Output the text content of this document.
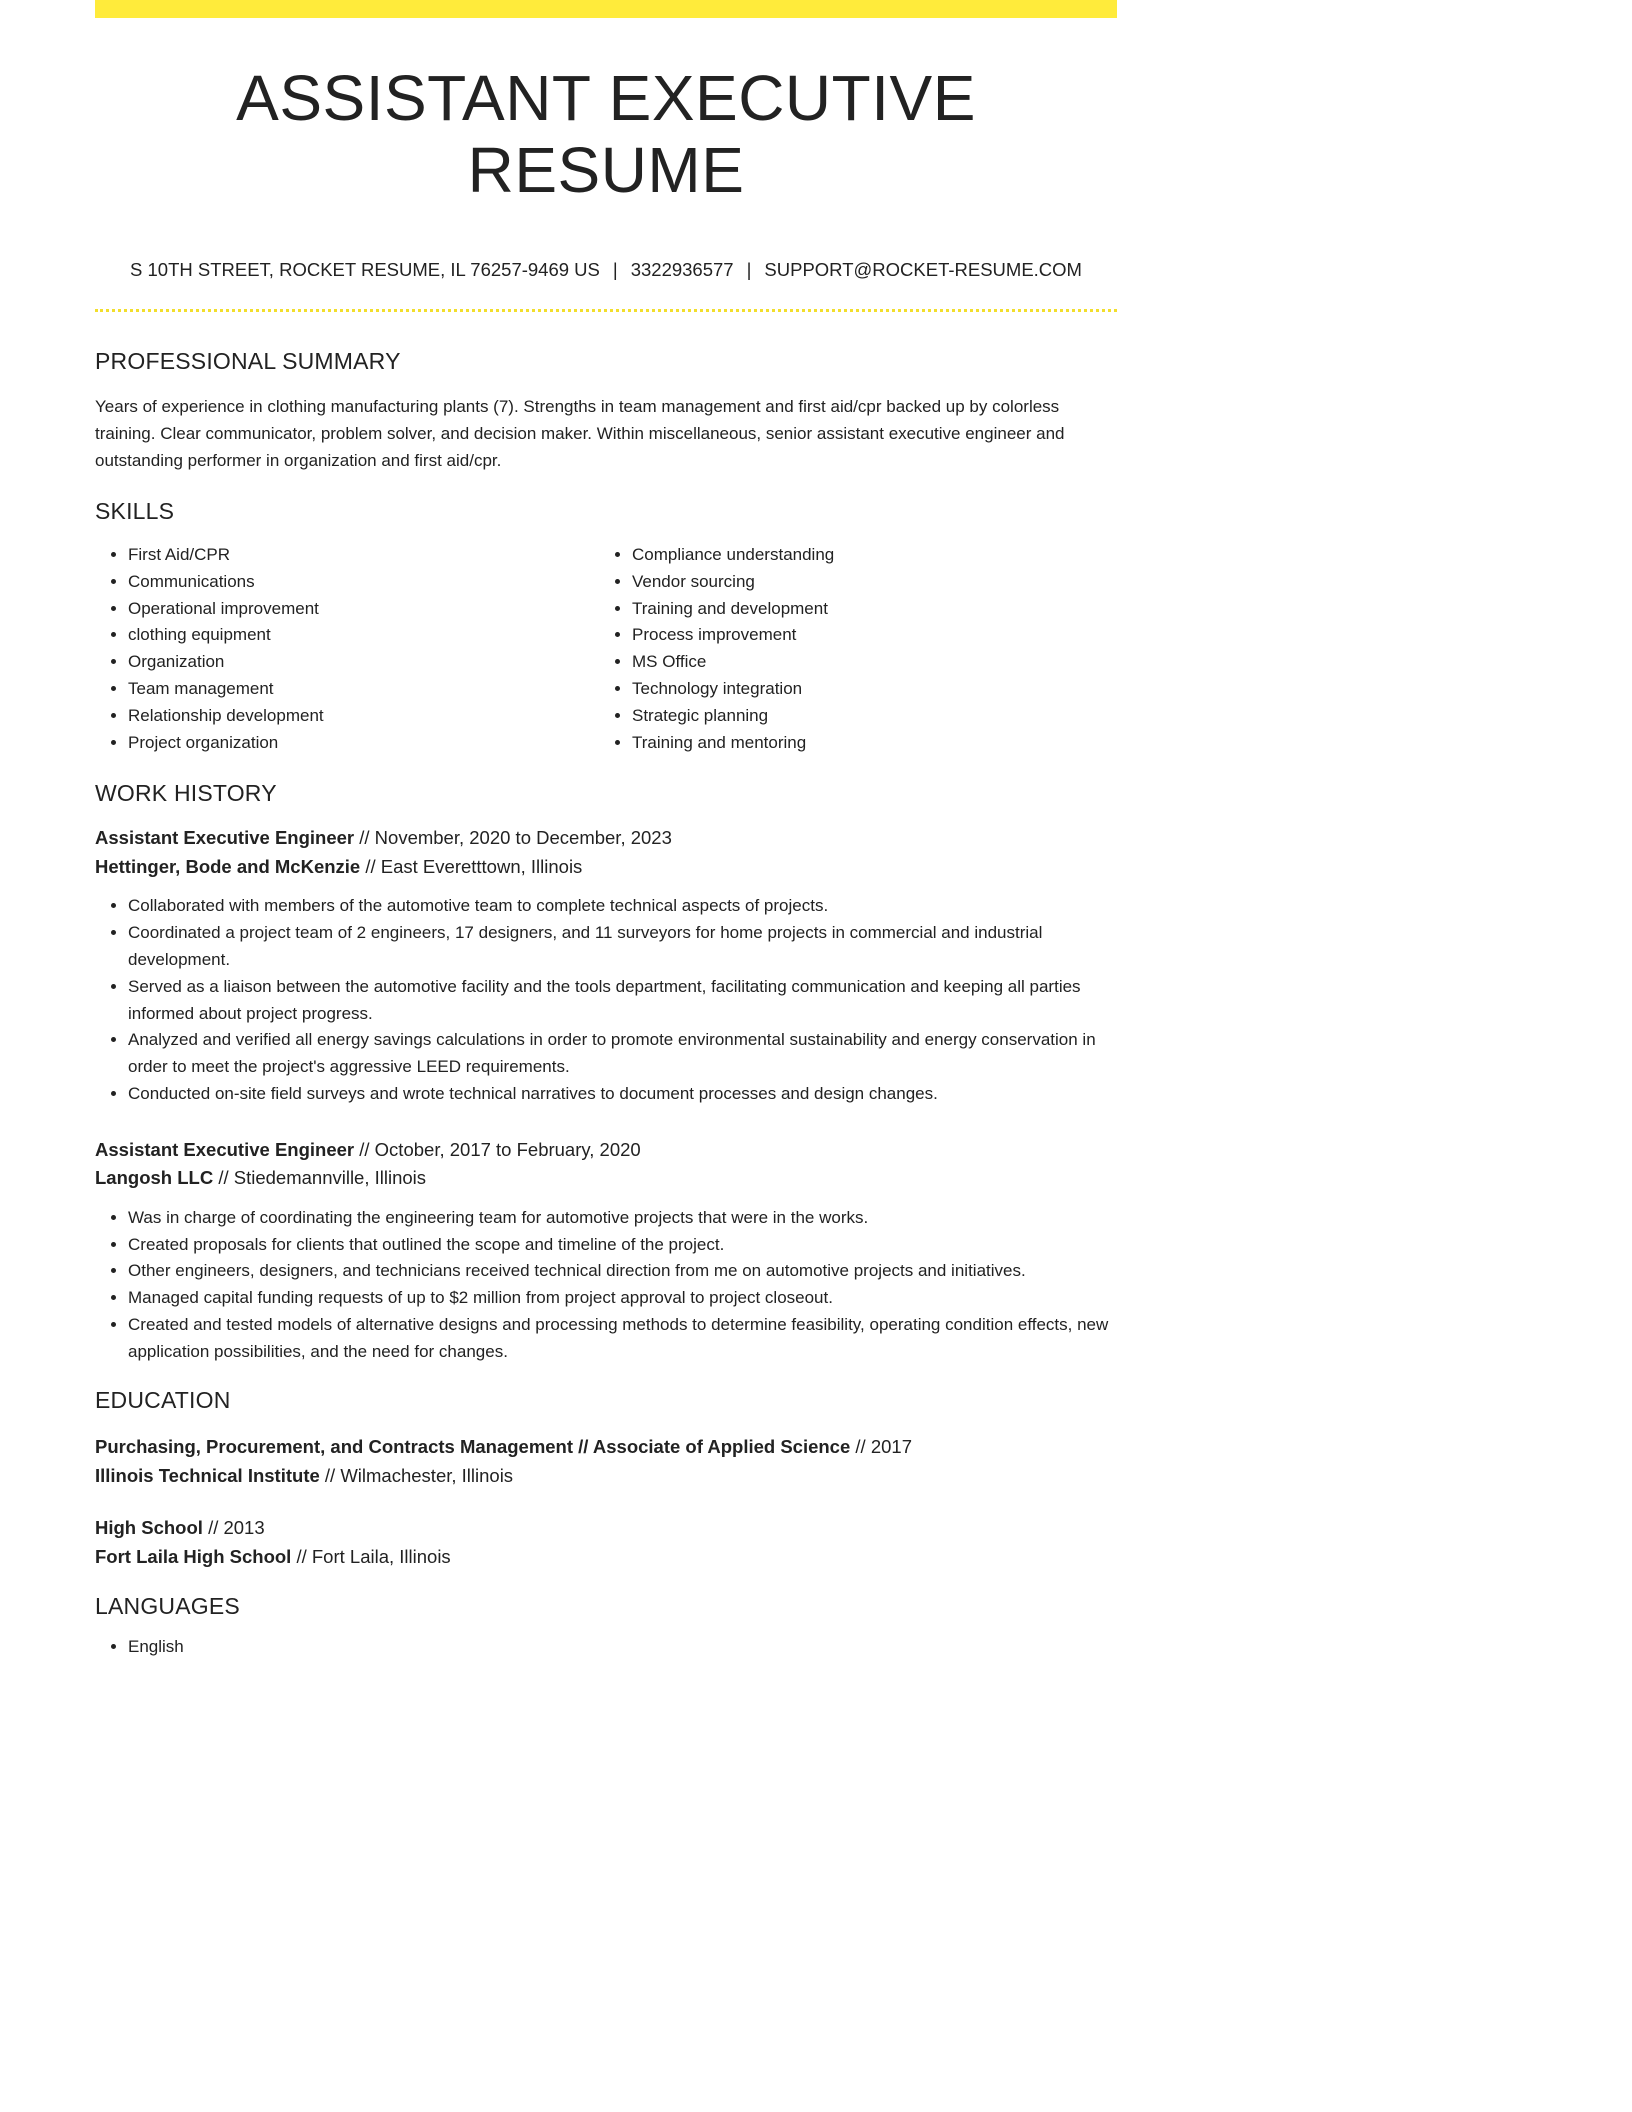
ASSISTANT EXECUTIVE RESUME
S 10TH STREET, ROCKET RESUME, IL 76257-9469 US | 3322936577 | SUPPORT@ROCKET-RESUME.COM
PROFESSIONAL SUMMARY

Years of experience in clothing manufacturing plants (7). Strengths in team management and first aid/cpr backed up by colorless training. Clear communicator, problem solver, and decision maker. Within miscellaneous, senior assistant executive engineer and outstanding performer in organization and first aid/cpr.

SKILLS
• First Aid/CPR
• Communications
• Operational improvement
• clothing equipment
• Organization
• Team management
• Relationship development
• Project organization
• Compliance understanding
• Vendor sourcing
• Training and development
• Process improvement
• MS Office
• Technology integration
• Strategic planning
• Training and mentoring
WORK HISTORY
Assistant Executive Engineer // November, 2020 to December, 2023
Hettinger, Bode and McKenzie // East Everetttown, Illinois
• Collaborated with members of the automotive team to complete technical aspects of projects.
• Coordinated a project team of 2 engineers, 17 designers, and 11 surveyors for home projects in commercial and industrial development.
• Served as a liaison between the automotive facility and the tools department, facilitating communication and keeping all parties informed about project progress.
• Analyzed and verified all energy savings calculations in order to promote environmental sustainability and energy conservation in order to meet the project's aggressive LEED requirements.
• Conducted on-site field surveys and wrote technical narratives to document processes and design changes.
Assistant Executive Engineer // October, 2017 to February, 2020
Langosh LLC // Stiedemannville, Illinois
• Was in charge of coordinating the engineering team for automotive projects that were in the works.
• Created proposals for clients that outlined the scope and timeline of the project.
• Other engineers, designers, and technicians received technical direction from me on automotive projects and initiatives.
• Managed capital funding requests of up to $2 million from project approval to project closeout.
• Created and tested models of alternative designs and processing methods to determine feasibility, operating condition effects, new application possibilities, and the need for changes.
EDUCATION
Purchasing, Procurement, and Contracts Management // Associate of Applied Science // 2017
Illinois Technical Institute // Wilmachester, Illinois
High School // 2013
Fort Laila High School // Fort Laila, Illinois
LANGUAGES
• English
